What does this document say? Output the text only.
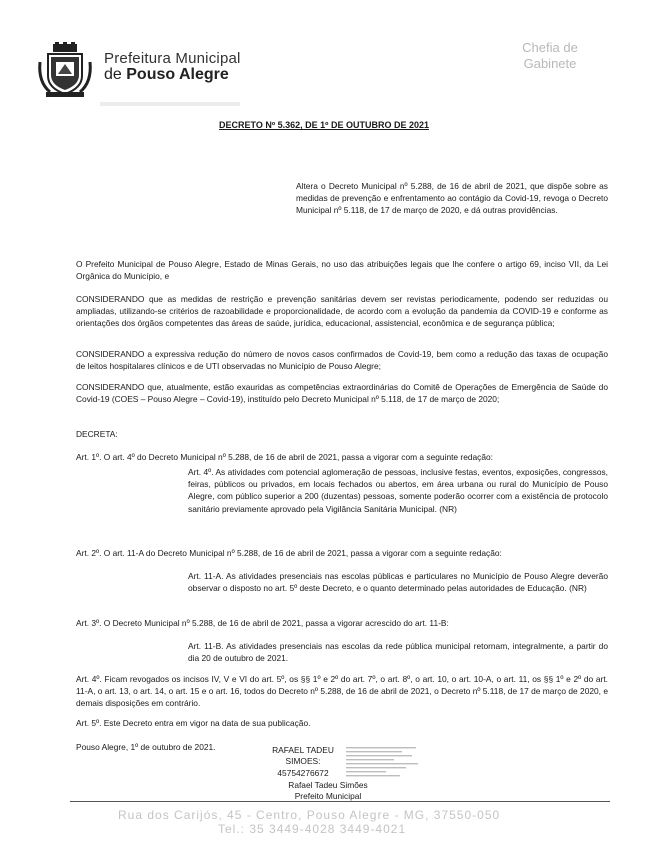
Prefeitura Municipal
de Pouso Alegre
Chefia de
Gabinete
DECRETO Nº 5.362, DE 1º DE OUTUBRO DE 2021
Altera o Decreto Municipal nº 5.288, de 16 de abril de 2021, que dispõe sobre as medidas de prevenção e enfrentamento ao contágio da Covid-19, revoga o Decreto Municipal nº 5.118, de 17 de março de 2020, e dá outras providências.
O Prefeito Municipal de Pouso Alegre, Estado de Minas Gerais, no uso das atribuições legais que lhe confere o artigo 69, inciso VII, da Lei Orgânica do Município, e
CONSIDERANDO que as medidas de restrição e prevenção sanitárias devem ser revistas periodicamente, podendo ser reduzidas ou ampliadas, utilizando-se critérios de razoabilidade e proporcionalidade, de acordo com a evolução da pandemia da COVID-19 e conforme as orientações dos órgãos competentes das áreas de saúde, jurídica, educacional, assistencial, econômica e de segurança pública;
CONSIDERANDO a expressiva redução do número de novos casos confirmados de Covid-19, bem como a redução das taxas de ocupação de leitos hospitalares clínicos e de UTI observadas no Município de Pouso Alegre;
CONSIDERANDO que, atualmente, estão exauridas as competências extraordinárias do Comitê de Operações de Emergência de Saúde do Covid-19 (COES – Pouso Alegre – Covid-19), instituído pelo Decreto Municipal nº 5.118, de 17 de março de 2020;
DECRETA:
Art. 1º. O art. 4º do Decreto Municipal nº 5.288, de 16 de abril de 2021, passa a vigorar com a seguinte redação:
Art. 4º. As atividades com potencial aglomeração de pessoas, inclusive festas, eventos, exposições, congressos, feiras, públicos ou privados, em locais fechados ou abertos, em área urbana ou rural do Município de Pouso Alegre, com público superior a 200 (duzentas) pessoas, somente poderão ocorrer com a existência de protocolo sanitário previamente aprovado pela Vigilância Sanitária Municipal. (NR)
Art. 2º. O art. 11-A do Decreto Municipal nº 5.288, de 16 de abril de 2021, passa a vigorar com a seguinte redação:
Art. 11-A. As atividades presenciais nas escolas públicas e particulares no Município de Pouso Alegre deverão observar o disposto no art. 5º deste Decreto, e o quanto determinado pelas autoridades de Educação. (NR)
Art. 3º. O Decreto Municipal nº 5.288, de 16 de abril de 2021, passa a vigorar acrescido do art. 11-B:
Art. 11-B. As atividades presenciais nas escolas da rede pública municipal retornam, integralmente, a partir do dia 20 de outubro de 2021.
Art. 4º. Ficam revogados os incisos IV, V e VI do art. 5º, os §§ 1º e 2º do art. 7º, o art. 8º, o art. 10, o art. 10-A, o art. 11, os §§ 1º e 2º do art. 11-A, o art. 13, o art. 14, o art. 15 e o art. 16, todos do Decreto nº 5.288, de 16 de abril de 2021, o Decreto nº 5.118, de 17 de março de 2020, e demais disposições em contrário.
Art. 5º. Este Decreto entra em vigor na data de sua publicação.
Pouso Alegre, 1º de outubro de 2021.	RAFAEL TADEU
SIMOES:
45754276672
Rafael Tadeu Simões
Prefeito Municipal
Rua dos Carijós, 45 - Centro, Pouso Alegre - MG, 37550-050
Tel.: 35 3449-4028 3449-4021
